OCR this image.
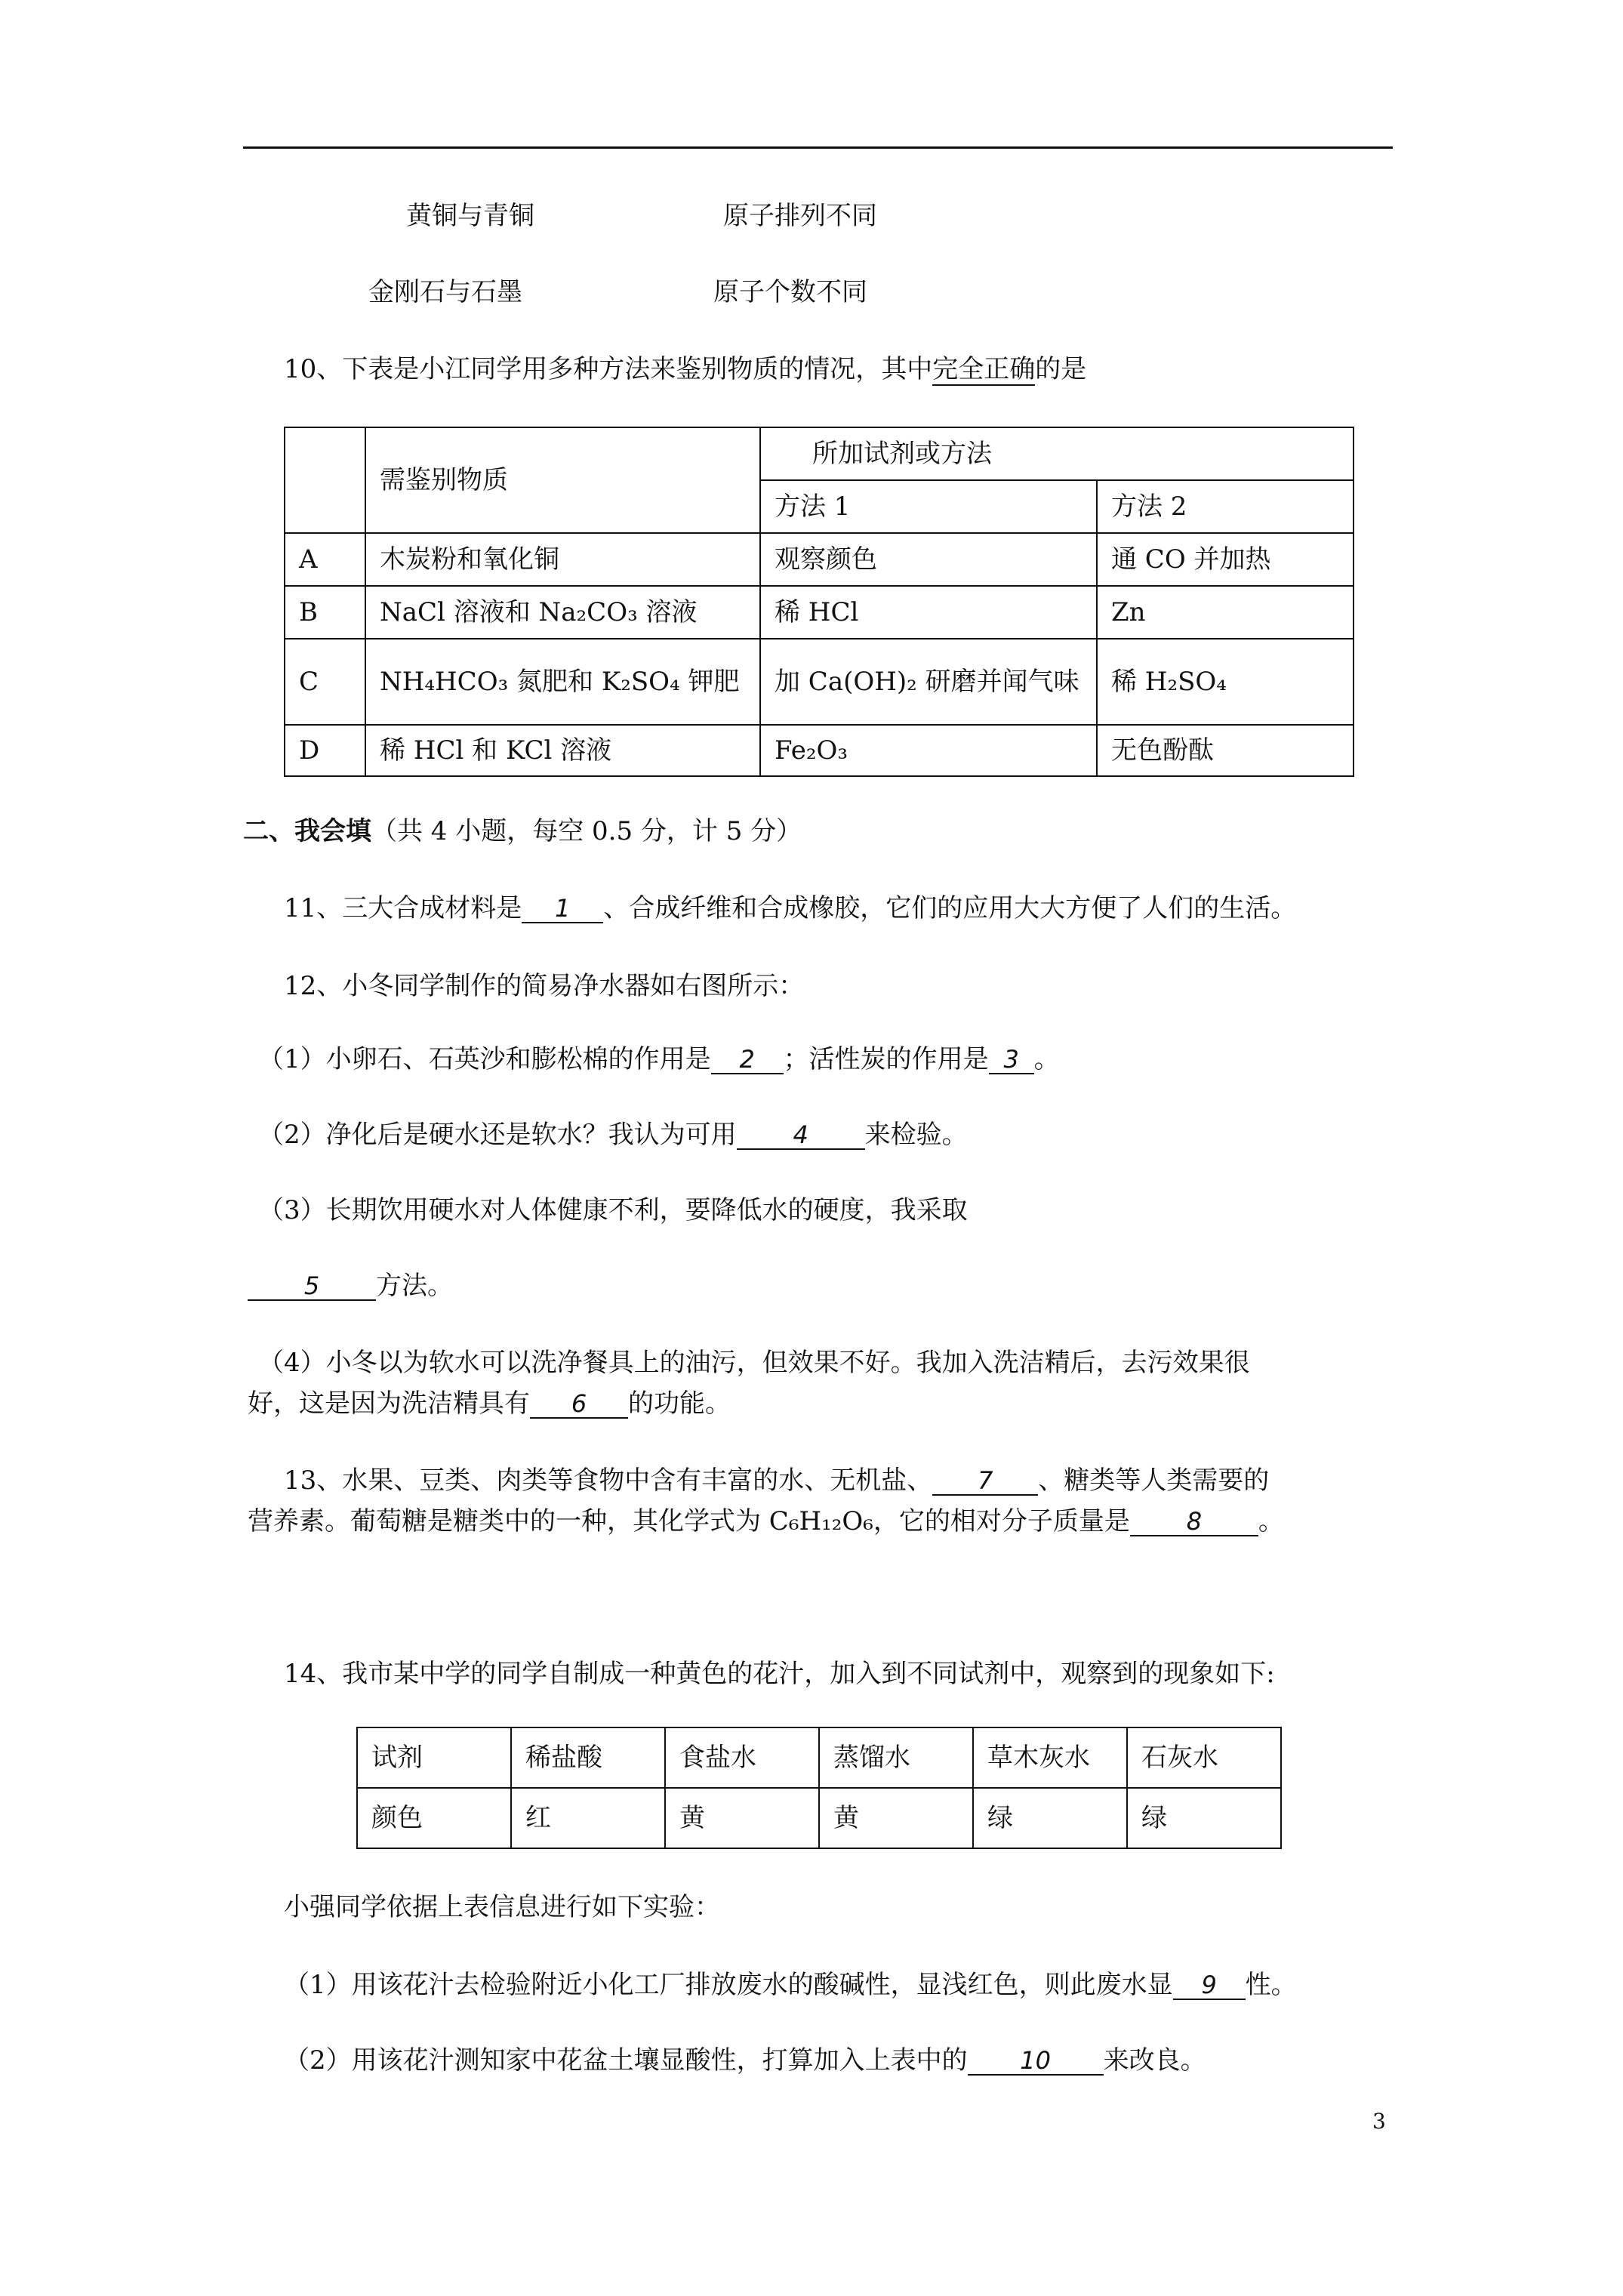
黄铜与青铜	原子排列不同
金刚石与石墨	原子个数不同
10、下表是小江同学用多种方法来鉴别物质的情况，其中完全正确的是
	需鉴别物质	所加试剂或方法	
		方法 1	方法 2
A	木炭粉和氧化铜	观察颜色	通 CO 并加热
B	NaCl 溶液和 Na₂CO₃ 溶液	稀 HCl	Zn
C	NH₄HCO₃ 氮肥和 K₂SO₄ 钾肥	加 Ca(OH)₂ 研磨并闻气味	稀 H₂SO₄
D	稀 HCl 和 KCl 溶液	Fe₂O₃	无色酚酞
二、我会填（共 4 小题，每空 0.5 分，计 5 分）
11、三大合成材料是 1 、合成纤维和合成橡胶，它们的应用大大方便了人们的生活。
12、小冬同学制作的简易净水器如右图所示：
（1）小卵石、石英沙和膨松棉的作用是 2 ；活性炭的作用是 3 。
（2）净化后是硬水还是软水？我认为可用 4 来检验。
（3）长期饮用硬水对人体健康不利，要降低水的硬度，我采取
5 方法。
（4）小冬以为软水可以洗净餐具上的油污，但效果不好。我加入洗洁精后，去污效果很
好，这是因为洗洁精具有 6 的功能。
13、水果、豆类、肉类等食物中含有丰富的水、无机盐、 7 、糖类等人类需要的
营养素。葡萄糖是糖类中的一种，其化学式为 C₆H₁₂O₆，它的相对分子质量是 8 。
14、我市某中学的同学自制成一种黄色的花汁，加入到不同试剂中，观察到的现象如下:
试剂	稀盐酸	食盐水	蒸馏水	草木灰水	石灰水
颜色	红	黄	黄	绿	绿
小强同学依据上表信息进行如下实验：
（1）用该花汁去检验附近小化工厂排放废水的酸碱性，显浅红色，则此废水显 9 性。
（2）用该花汁测知家中花盆土壤显酸性，打算加入上表中的 10 来改良。
3
